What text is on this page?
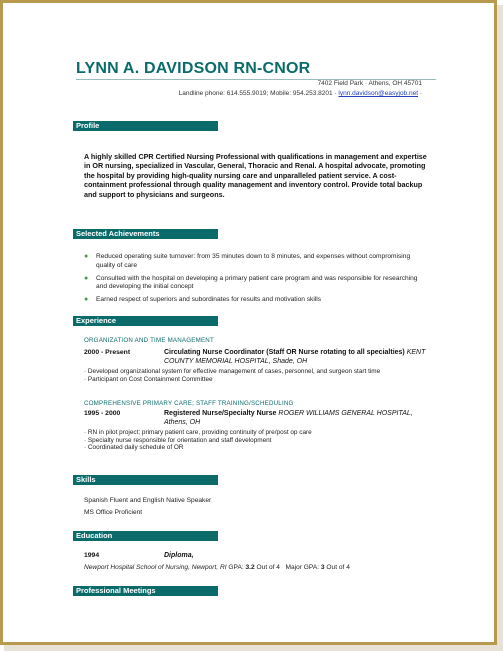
LYNN A. DAVIDSON RN-CNOR
7402 Field Park · Athens, OH 45701
Landline phone: 614.555.9019; Mobile: 954.253.8201 · lynn.davidson@easyjob.net ·
Profile
A highly skilled CPR Certified Nursing Professional with qualifications in management and expertise in OR nursing, specialized in Vascular, General, Thoracic and Renal. A hospital advocate, promoting the hospital by providing high-quality nursing care and unparalleled patient service. A cost-containment professional through quality management and inventory control. Provide total backup and support to physicians and surgeons.
Selected Achievements
● Reduced operating suite turnover: from 35 minutes down to 8 minutes, and expenses without compromising quality of care
● Consulted with the hospital on developing a primary patient care program and was responsible for researching and developing the initial concept
● Earned respect of superiors and subordinates for results and motivation skills
Experience
ORGANIZATION AND TIME MANAGEMENT
2000 - Present	Circulating Nurse Coordinator (Staff OR Nurse rotating to all specialties) KENT COUNTY MEMORIAL HOSPITAL, Shade, OH
· Developed organizational system for effective management of cases, personnel, and surgeon start time
· Participant on Cost Containment Committee
COMPREHENSIVE PRIMARY CARE; STAFF TRAINING/SCHEDULING
1995 - 2000	Registered Nurse/Specialty Nurse ROGER WILLIAMS GENERAL HOSPITAL, Athens, OH
· RN in pilot project; primary patient care, providing continuity of pre/post op care
· Specialty nurse responsible for orientation and staff development
· Coordinated daily schedule of OR
Skills
Spanish Fluent and English Native Speaker
MS Office Proficient
Education
1994	Diploma,
Newport Hospital School of Nursing, Newport, RI GPA: 3.2 Out of 4 Major GPA: 3 Out of 4
Professional Meetings
